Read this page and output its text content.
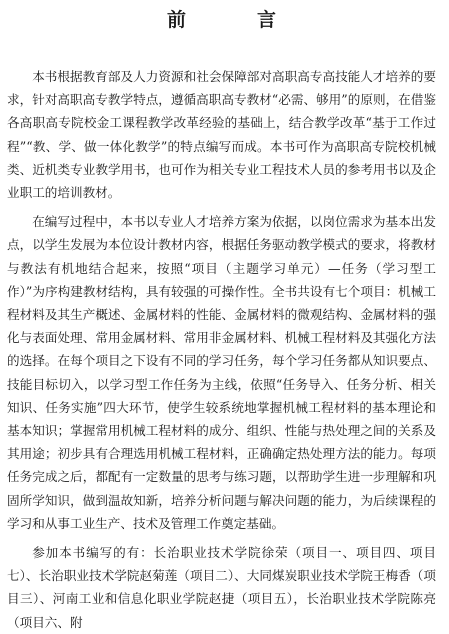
前　言

本书根据教育部及人力资源和社会保障部对高职高专高技能人才培养的要求，针对高职高专教学特点，遵循高职高专教材“必需、够用”的原则，在借鉴各高职高专院校金工课程教学改革经验的基础上，结合教学改革“基于工作过程”“教、学、做一体化教学”的特点编写而成。本书可作为高职高专院校机械类、近机类专业教学用书，也可作为相关专业工程技术人员的参考用书以及企业职工的培训教材。

在编写过程中，本书以专业人才培养方案为依据，以岗位需求为基本出发点，以学生发展为本位设计教材内容，根据任务驱动教学模式的要求，将教材与教法有机地结合起来，按照“项目（主题学习单元）—任务（学习型工作）”为序构建教材结构，具有较强的可操作性。全书共设有七个项目：机械工程材料及其生产概述、金属材料的性能、金属材料的微观结构、金属材料的强化与表面处理、常用金属材料、常用非金属材料、机械工程材料及其强化方法的选择。在每个项目之下设有不同的学习任务，每个学习任务都从知识要点、技能目标切入，以学习型工作任务为主线，依照“任务导入、任务分析、相关知识、任务实施”四大环节，使学生较系统地掌握机械工程材料的基本理论和基本知识；掌握常用机械工程材料的成分、组织、性能与热处理之间的关系及其用途；初步具有合理选用机械工程材料，正确确定热处理方法的能力。每项任务完成之后，都配有一定数量的思考与练习题，以帮助学生进一步理解和巩固所学知识，做到温故知新，培养分析问题与解决问题的能力，为后续课程的学习和从事工业生产、技术及管理工作奠定基础。

参加本书编写的有：长治职业技术学院徐荣（项目一、项目四、项目七）、长治职业技术学院赵菊莲（项目二）、大同煤炭职业技术学院王梅香（项目三）、河南工业和信息化职业学院赵捷（项目五），长治职业技术学院陈亮（项目六、附
